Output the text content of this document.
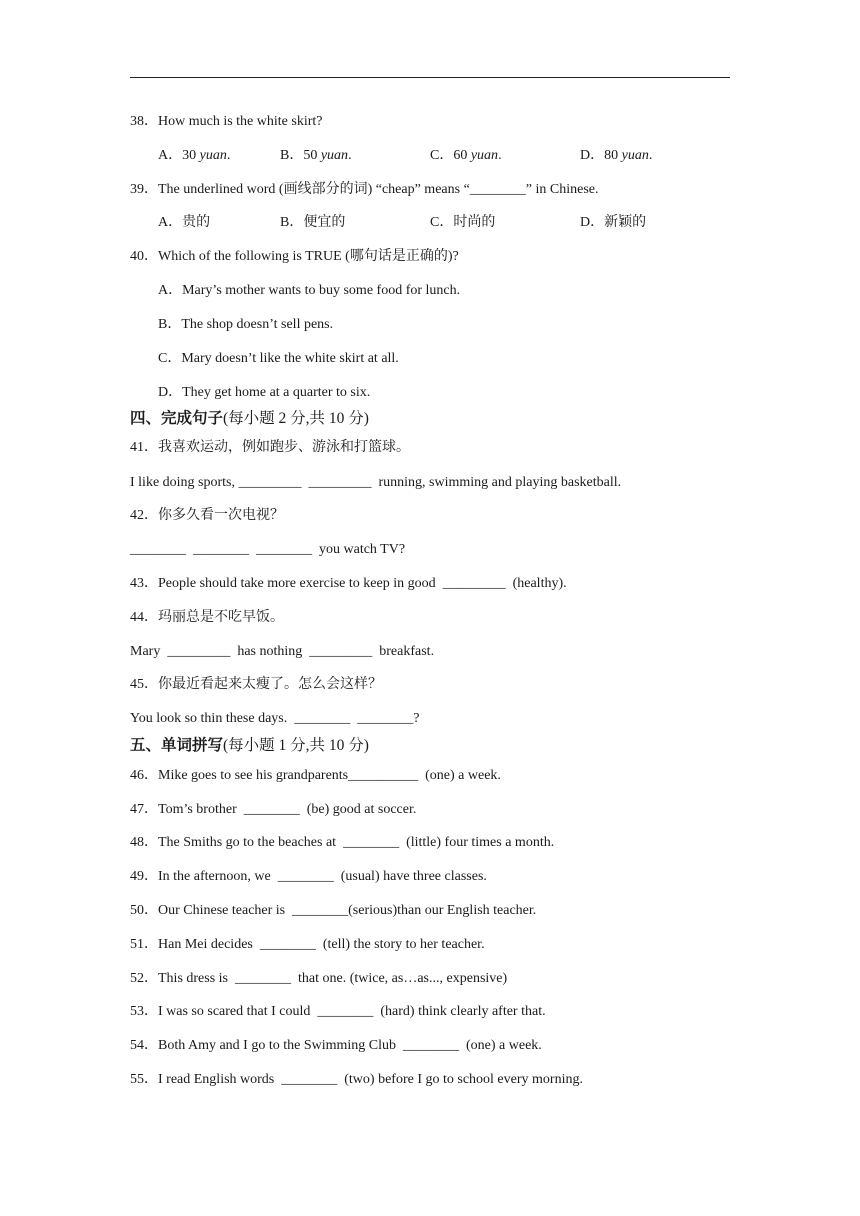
38．How much is the white skirt?
A．30 yuan.	B．50 yuan.	C．60 yuan.	D．80 yuan.
39．The underlined word (画线部分的词) “cheap” means “________” in Chinese.
A．贵的	B．便宜的	C．时尚的	D．新颖的
40．Which of the following is TRUE (哪句话是正确的)?
A．Mary’s mother wants to buy some food for lunch.
B．The shop doesn’t sell pens.
C．Mary doesn’t like the white skirt at all.
D．They get home at a quarter to six.
四、完成句子(每小题 2 分,共 10 分)
41．我喜欢运动，例如跑步、游泳和打篮球。
I like doing sports, _________  _________  running, swimming and playing basketball.
42．你多久看一次电视？
________  ________  ________  you watch TV?
43．People should take more exercise to keep in good  _________  (healthy).
44．玛丽总是不吃早饭。
Mary  _________  has nothing  _________  breakfast.
45．你最近看起来太瘦了。怎么会这样？
You look so thin these days.  ________  ________?
五、单词拼写(每小题 1 分,共 10 分)
46．Mike goes to see his grandparents__________  (one) a week.
47．Tom’s brother  ________  (be) good at soccer.
48．The Smiths go to the beaches at  ________  (little) four times a month.
49．In the afternoon, we  ________  (usual) have three classes.
50．Our Chinese teacher is  ________(serious)than our English teacher.
51．Han Mei decides  ________  (tell) the story to her teacher.
52．This dress is  ________  that one. (twice, as…as..., expensive)
53．I was so scared that I could  ________  (hard) think clearly after that.
54．Both Amy and I go to the Swimming Club  ________  (one) a week.
55．I read English words  ________  (two) before I go to school every morning.
